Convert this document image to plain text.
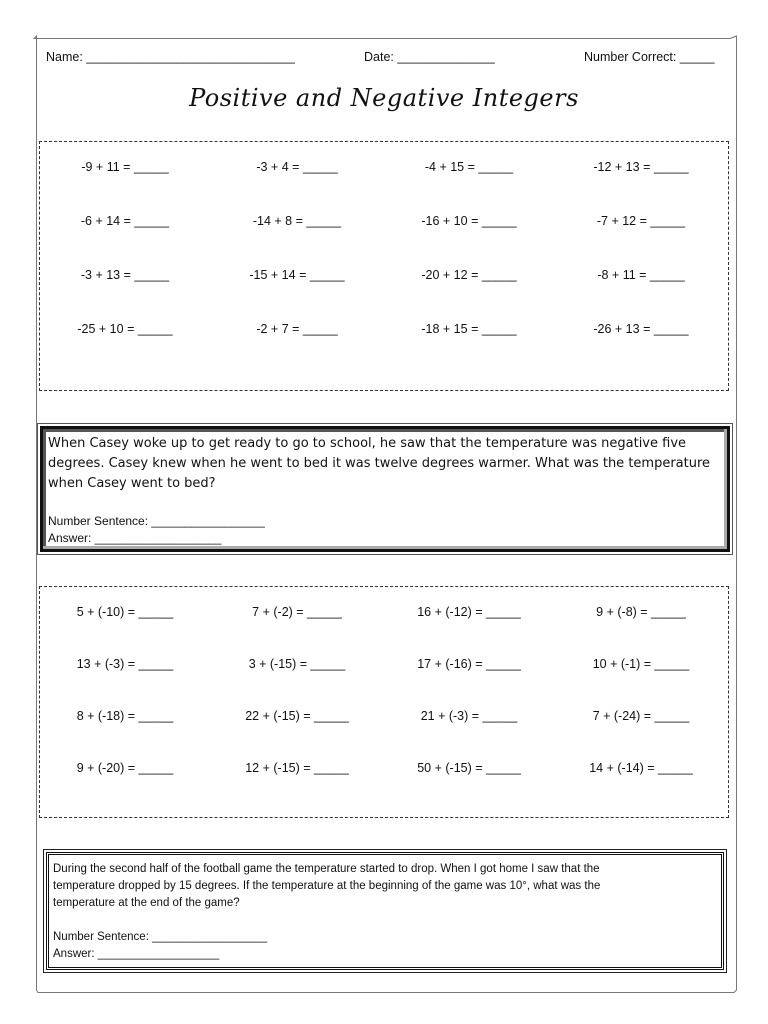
Name: ______________________________	Date: ______________	Number Correct: _____
Positive and Negative Integers
-9 + 11 = _____	-3 + 4 = _____	-4 + 15 = _____	-12 + 13 = _____
-6 + 14 = _____	-14 + 8 = _____	-16 + 10 = _____	-7 + 12 = _____
-3 + 13 = _____	-15 + 14 = _____	-20 + 12 = _____	-8 + 11 = _____
-25 + 10 = _____	-2 + 7 = _____	-18 + 15 = _____	-26 + 13 = _____
When Casey woke up to get ready to go to school, he saw that the temperature was negative five
degrees. Casey knew when he went to bed it was twelve degrees warmer. What was the temperature
when Casey went to bed?
Number Sentence: _________________
Answer: ___________________
5 + (-10) = _____	7 + (-2) = _____	16 + (-12) = _____	9 + (-8) = _____
13 + (-3) = _____	3 + (-15) = _____	17 + (-16) = _____	10 + (-1) = _____
8 + (-18) = _____	22 + (-15) = _____	21 + (-3) = _____	7 + (-24) = _____
9 + (-20) = _____	12 + (-15) = _____	50 + (-15) = _____	14 + (-14) = _____
During the second half of the football game the temperature started to drop. When I got home I saw that the
temperature dropped by 15 degrees. If the temperature at the beginning of the game was 10°, what was the
temperature at the end of the game?
Number Sentence: __________________
Answer: ___________________
